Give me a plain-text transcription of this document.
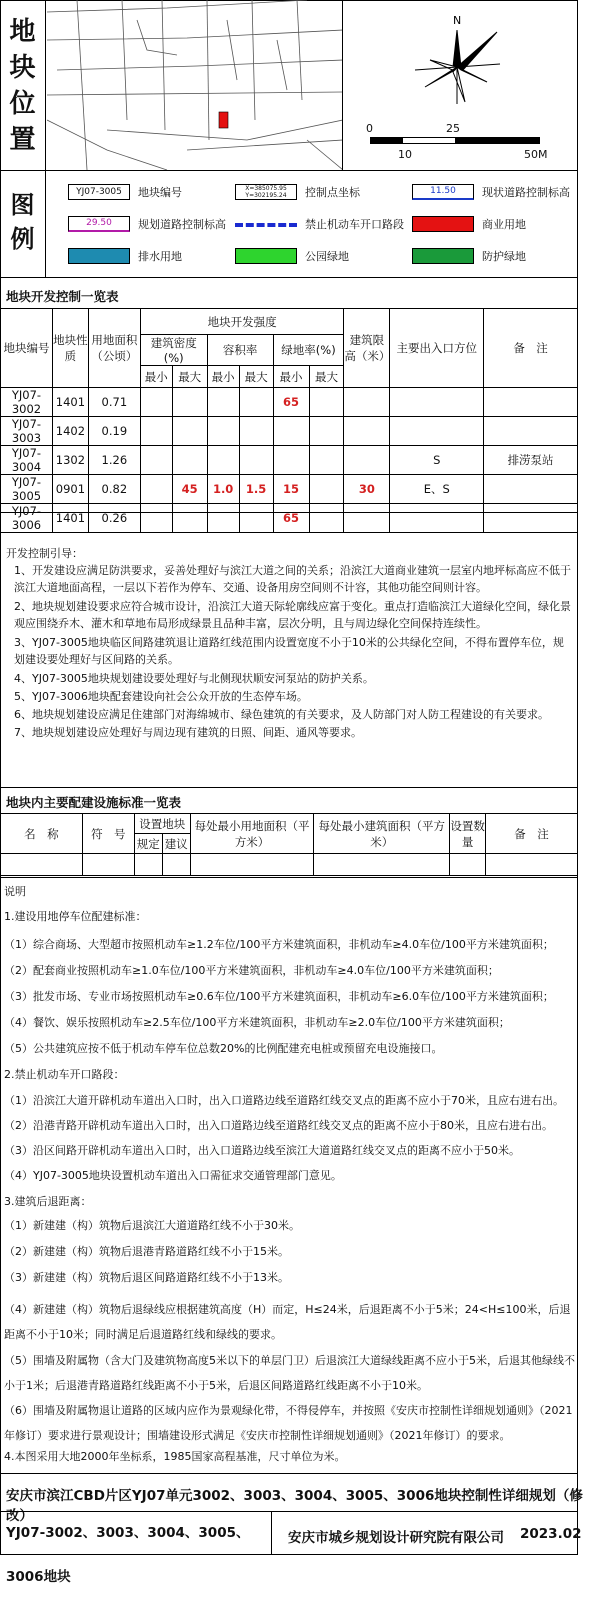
地
块
位
置
N
0	25
10	50M
图
例
YJ07-3005	地块编号	X=385075.95
Y=302195.24	控制点坐标	11.50	现状道路控制标高
29.50	规划道路控制标高	禁止机动车开口路段	商业用地
排水用地	公园绿地	防护绿地
地块开发控制一览表
地块编号	地块性质	用地面积（公顷）	地块开发强度						建筑限高（米）	主要出入口方位	备　注
			建筑密度(%)		容积率		绿地率(%)				
			最小	最大	最小	最大	最小	最大			
YJ07-3002	1401	0.71					65				
YJ07-3003	1402	0.19									
YJ07-3004	1302	1.26								S	排涝泵站
YJ07-3005	0901	0.82		45	1.0	1.5	15		30	E、S	
YJ07-3006	1401	0.26					65				
开发控制引导：
1、开发建设应满足防洪要求，妥善处理好与滨江大道之间的关系；沿滨江大道商业建筑一层室内地坪标高应不低于滨江大道地面高程，一层以下若作为停车、交通、设备用房空间则不计容，其他功能空间则计容。
2、地块规划建设要求应符合城市设计，沿滨江大道天际轮廓线应富于变化。重点打造临滨江大道绿化空间，绿化景观应围绕乔木、灌木和草地布局形成绿景且品种丰富，层次分明，且与周边绿化空间保持连续性。
3、YJ07-3005地块临区间路建筑退让道路红线范围内设置宽度不小于10米的公共绿化空间，不得布置停车位，规划建设要处理好与区间路的关系。
4、YJ07-3005地块规划建设要处理好与北侧现状顺安河泵站的防护关系。
5、YJ07-3006地块配套建设向社会公众开放的生态停车场。
6、地块规划建设应满足住建部门对海绵城市、绿色建筑的有关要求，及人防部门对人防工程建设的有关要求。
7、地块规划建设应处理好与周边现有建筑的日照、间距、通风等要求。
地块内主要配建设施标准一览表
名　称	符　号	设置地块		每处最小用地面积（平方米）	每处最小建筑面积（平方米）	设置数量	备　注
		规定	建议				

说明
1.建设用地停车位配建标准：
（1）综合商场、大型超市按照机动车≥1.2车位/100平方米建筑面积，非机动车≥4.0车位/100平方米建筑面积；
（2）配套商业按照机动车≥1.0车位/100平方米建筑面积，非机动车≥4.0车位/100平方米建筑面积；
（3）批发市场、专业市场按照机动车≥0.6车位/100平方米建筑面积，非机动车≥6.0车位/100平方米建筑面积；
（4）餐饮、娱乐按照机动车≥2.5车位/100平方米建筑面积，非机动车≥2.0车位/100平方米建筑面积；
（5）公共建筑应按不低于机动车停车位总数20%的比例配建充电桩或预留充电设施接口。
2.禁止机动车开口路段：
（1）沿滨江大道开辟机动车道出入口时，出入口道路边线至道路红线交叉点的距离不应小于70米，且应右进右出。
（2）沿港青路开辟机动车道出入口时，出入口道路边线至道路红线交叉点的距离不应小于80米，且应右进右出。
（3）沿区间路开辟机动车道出入口时，出入口道路边线至滨江大道道路红线交叉点的距离不应小于50米。
（4）YJ07-3005地块设置机动车道出入口需征求交通管理部门意见。
3.建筑后退距离：
（1）新建建（构）筑物后退滨江大道道路红线不小于30米。
（2）新建建（构）筑物后退港青路道路红线不小于15米。
（3）新建建（构）筑物后退区间路道路红线不小于13米。
（4）新建建（构）筑物后退绿线应根据建筑高度（H）而定，H≤24米，后退距离不小于5米；24<H≤100米，后退距离不小于10米；同时满足后退道路红线和绿线的要求。
（5）围墙及附属物（含大门及建筑物高度5米以下的单层门卫）后退滨江大道绿线距离不应小于5米，后退其他绿线不小于1米；后退港青路道路红线距离不小于5米，后退区间路道路红线距离不小于10米。
（6）围墙及附属物退让道路的区域内应作为景观绿化带，不得侵停车，并按照《安庆市控制性详细规划通则》（2021年修订）要求进行景观设计；围墙建设形式满足《安庆市控制性详细规划通则》（2021年修订）的要求。
4.本图采用大地2000年坐标系，1985国家高程基准，尺寸单位为米。
安庆市滨江CBD片区YJ07单元3002、3003、3004、3005、3006地块控制性详细规划（修改）
YJ07-3002、3003、3004、3005、3006地块
安庆市城乡规划设计研究院有限公司 2023.02
